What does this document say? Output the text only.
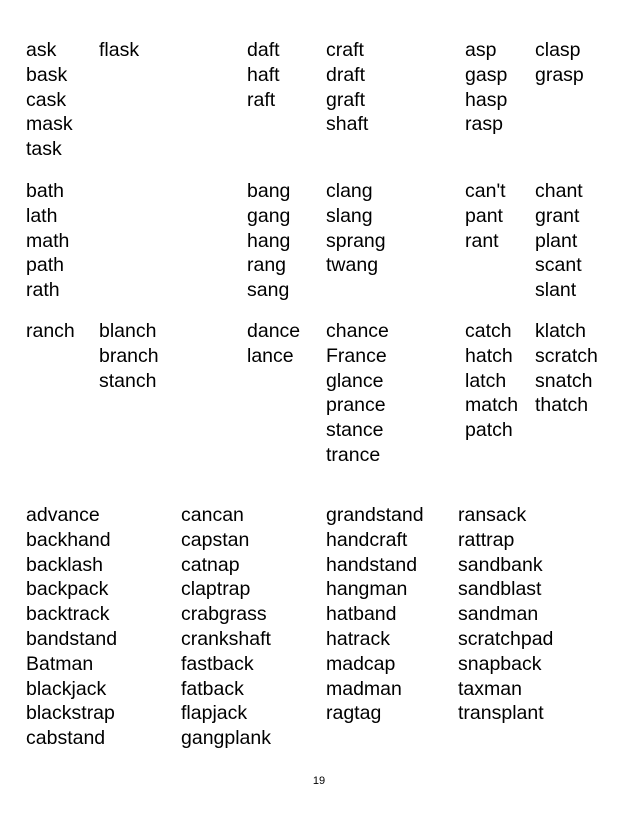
ask
bask
cask
mask
task
flask	daft
haft
raft
craft
draft
graft
shaft
asp
gasp
hasp
rasp
clasp
grasp
bath
lath
math
path
rath
bang
gang
hang
rang
sang
clang
slang
sprang
twang
can't
pant
rant
chant
grant
plant
scant
slant
ranch blanch
branch
stanch
dance
lance
chance
France
glance
prance
stance
trance
catch
hatch
latch
match
patch
klatch
scratch
snatch
thatch
advance
backhand
backlash
backpack
backtrack
bandstand
Batman
blackjack
blackstrap
cabstand
cancan
capstan
catnap
claptrap
crabgrass
crankshaft
fastback
fatback
flapjack
gangplank
grandstand
handcraft
handstand
hangman
hatband
hatrack
madcap
madman
ragtag
ransack
rattrap
sandbank
sandblast
sandman
scratchpad
snapback
taxman
transplant
19
